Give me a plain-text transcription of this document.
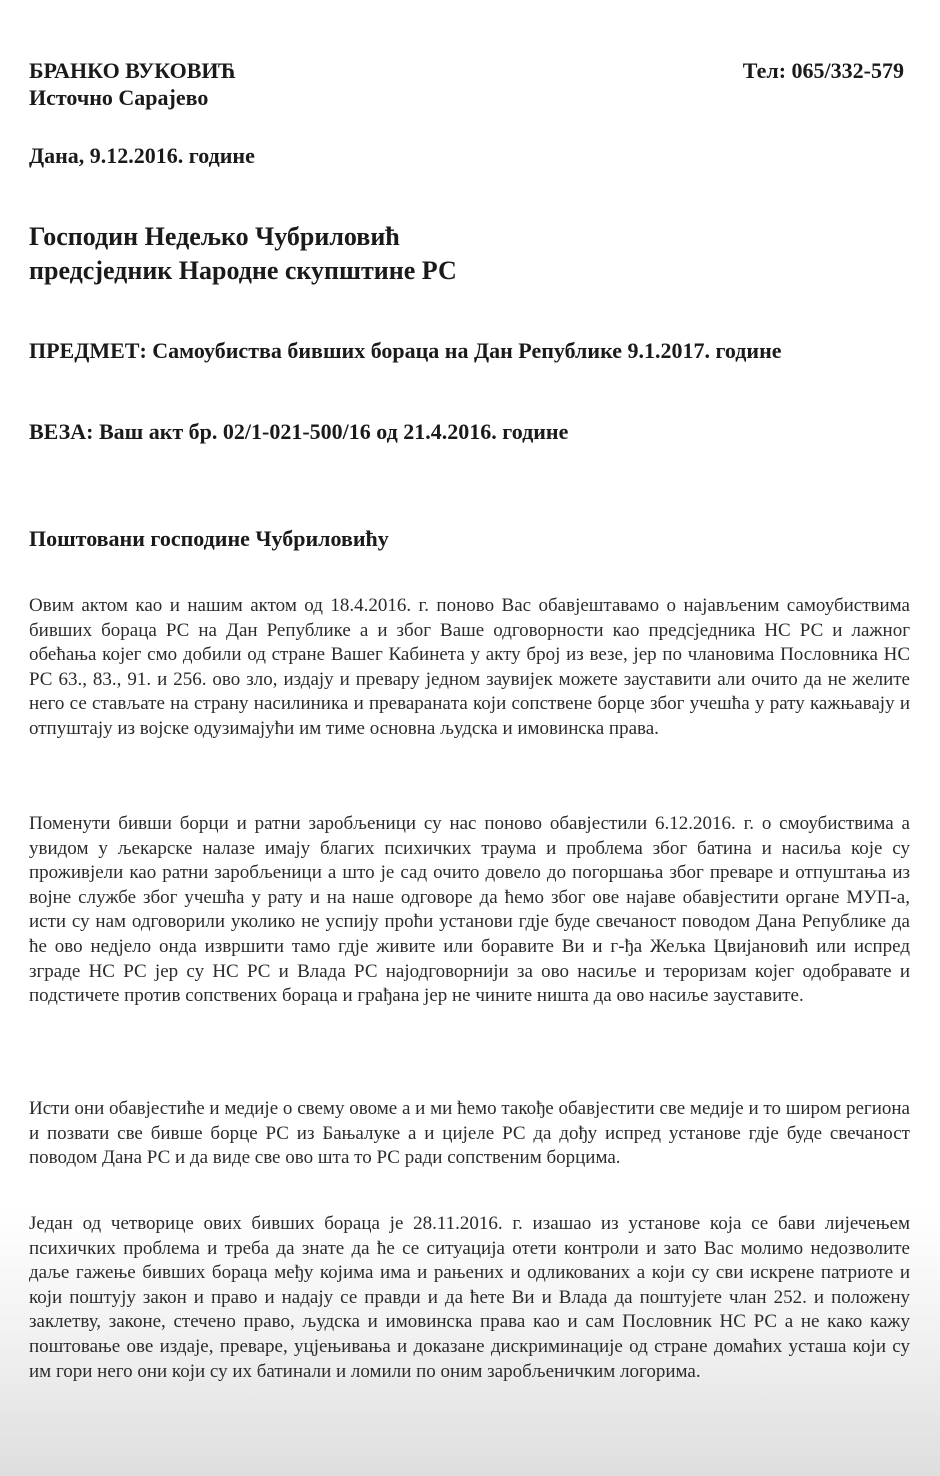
БРАНКО ВУКОВИЋ
Источно Сарајево
Тел: 065/332-579
Дана, 9.12.2016. године
Господин Недељко Чубриловић
предсједник Народне скупштине РС
ПРЕДМЕТ: Самоубиства бивших бораца на Дан Републике 9.1.2017. године
ВЕЗА: Ваш акт бр. 02/1-021-500/16 од 21.4.2016. године
Поштовани господине Чубриловићу
Овим актом као и нашим актом од 18.4.2016. г. поново Вас обавјештавамо о најављеним самоубиствима бивших бораца РС на Дан Републике а и због Ваше одговорности као предсједника НС РС и лажног обећања којег смо добили од стране Вашег Кабинета у акту број из везе, јер по члановима Пословника НС РС 63., 83., 91. и 256. ово зло, издају и превару једном заувијек можете зауставити али очито да не желите него се стављате на страну насилиника и преваранaта који сопствене борце због учешћа у рату кажњавају и отпуштају из војске одузимајући им тиме основна људска и имовинска права.
Поменути бивши борци и ратни заробљеници су нас поново обавјестили 6.12.2016. г. о смоубиствима а увидом у љекарске налазе имају благих психичких траума и проблема због батина и насиља које су проживјели као ратни заробљеници а што је сад очито довело до погоршања због преваре и отпуштања из војне службе због учешћа у рату и на наше одговоре да ћемо због ове најаве обавјестити органе МУП-а, исти су нам одговорили уколико не успију проћи установи гдје буде свечаност поводом Дана Републике да ће ово недјело онда извршити тамо гдје живите или боравите Ви и г-ђа Жељка Цвијановић или испред зграде НС РС јер су НС РС и Влада РС најодговорнији за ово насиље и тероризам којег одобравате и подстичете против сопствених бораца и грађана јер не чините ништа да ово насиље зауставите.
Исти они обавјестиће и медије о свему овоме а и ми ћемо такође обавјестити све медије и то широм региона и позвати све бивше борце РС из Бањалуке а и цијеле РС да дођу испред установе гдје буде свечаност поводом Дана РС и да виде све ово шта то РС ради сопственим борцима.
Један од четворице ових бивших бораца је 28.11.2016. г. изашао из установе која се бави лијечењем психичких проблема и треба да знате да ће се ситуација отети контроли и зато Вас молимо недозволите даље гажење бивших бораца међу којима има и рањених и одликованих а који су сви искрене патриоте и који поштују закон и право и надају се правди и да ћете Ви и Влада да поштујете члан 252. и положену заклетву, законе, стечено право, људска и имовинска права као и сам Пословник НС РС а не како кажу поштовање ове издаје, преваре, уцјењивања и доказане дискриминације од стране домаћих усташа који су им гори него они који су их батинали и ломили по оним заробљеничким логорима.
